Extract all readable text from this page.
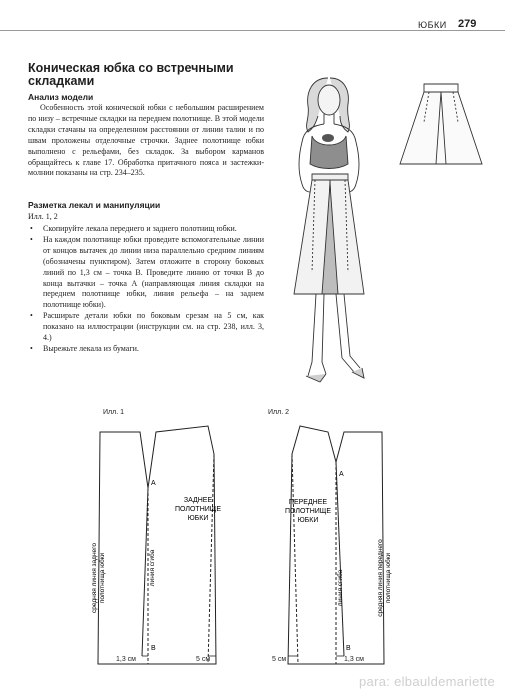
ЮБКИ 279
Коническая юбка со встречными
складками
Анализ модели
Особенность этой конической юбки с небольшим расширением по низу – встречные складки на переднем полотнище. В этой модели складки стачаны на определенном расстоянии от линии талии и по швам проложены отделочные строчки. Заднее полотнище юбки выполнено с рельефами, без складок. За выбором карманов обращайтесь к главе 17. Обработка притачного пояса и застежки-молнии показаны на стр. 234–235.
Разметка лекал и манипуляции
Илл. 1, 2
• Скопируйте лекала переднего и заднего полотнищ юбки.
• На каждом полотнище юбки проведите вспомогательные линии от концов вытачек до линии низа параллельно средним линиям (обозначены пунктиром). Затем отложите в сторону боковых линий по 1,3 см – точка В. Проведите линию от точки В до конца вытачки – точка А (направляющая линия складки на переднем полотнище юбки, линия рельефа – на заднем полотнище юбки).
• Расширьте детали юбки по боковым срезам на 5 см, как показано на иллюстрации (инструкции см. на стр. 238, илл. 3, 4.)
• Вырежьте лекала из бумаги.
Илл. 1
А
В
ЗАДНЕЕ
ПОЛОТНИЩЕ
ЮБКИ
средняя линия заднего полотнища юбки	линия сгиба
1,3 см	5 см
Илл. 2
А
В
ПЕРЕДНЕЕ
ПОЛОТНИЩЕ
ЮБКИ
средняя линия переднего полотнища юбки
линия сгиба
5 см	1,3 см
para: elbauldemariette
